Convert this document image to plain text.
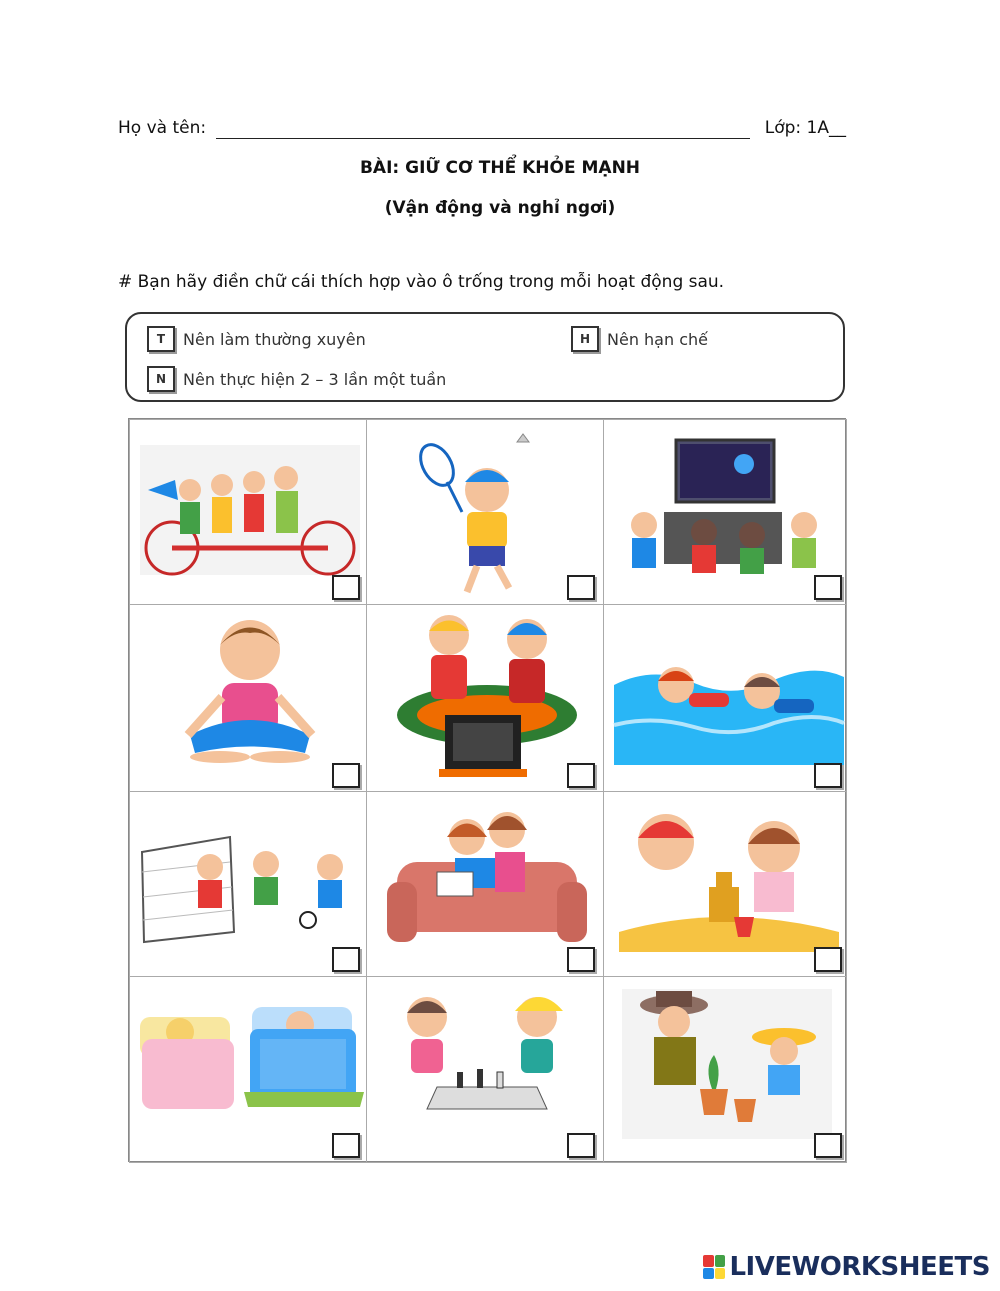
Họ và tên:	Lớp: 1A__
BÀI: GIỮ CƠ THỂ KHỎE MẠNH
(Vận động và nghỉ ngơi)
# Bạn hãy điền chữ cái thích hợp vào ô trống trong mỗi hoạt động sau.
T	Nên làm thường xuyên	H	Nên hạn chế
N	Nên thực hiện 2 – 3 lần một tuần
LIVEWORKSHEETS
